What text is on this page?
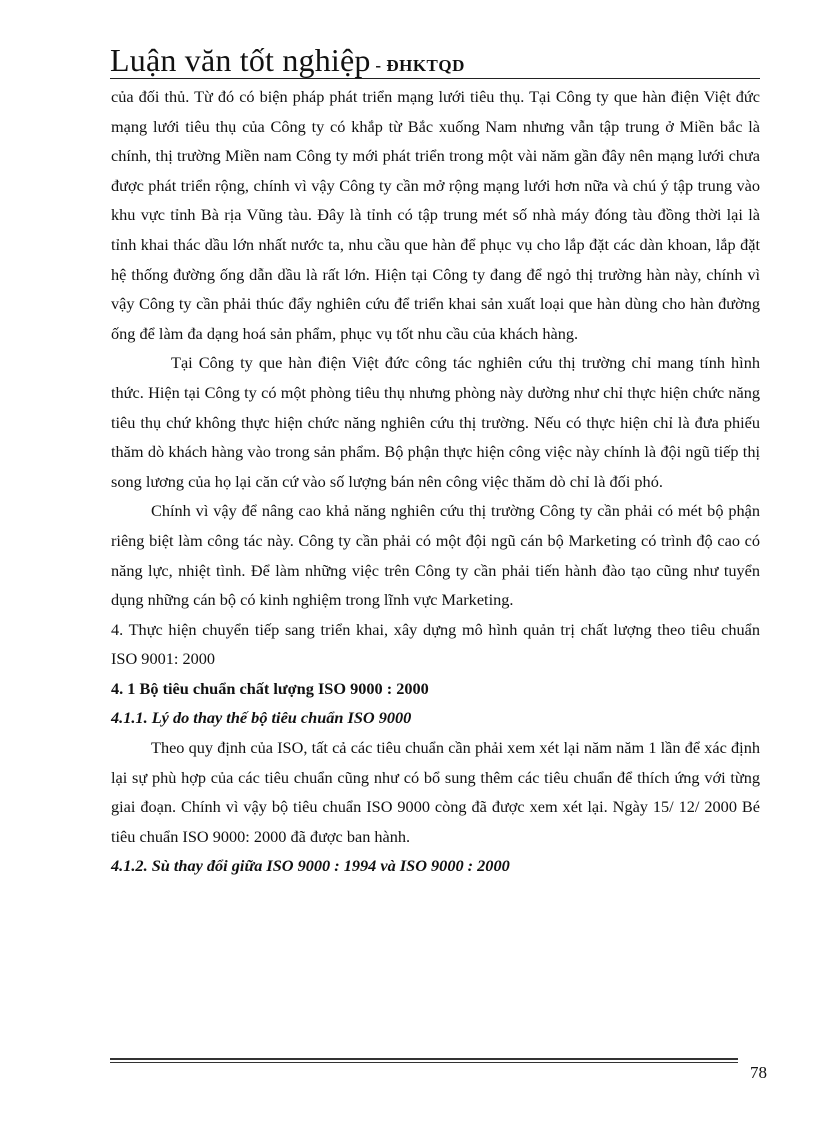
Luận văn tốt nghiệp - ĐHKTQD

của đối thủ. Từ đó có biện pháp phát triển mạng lưới tiêu thụ. Tại Công ty que hàn điện Việt đức mạng lưới tiêu thụ của Công ty có khắp từ Bắc xuống Nam nhưng vẫn tập trung ở Miền bắc là chính, thị trường Miền nam Công ty mới phát triển trong một vài năm gần đây nên mạng lưới chưa được phát triển rộng, chính vì vậy Công ty cần mở rộng mạng lưới hơn nữa và chú ý tập trung vào khu vực tỉnh Bà rịa Vũng tàu. Đây là tỉnh có tập trung mét số nhà máy đóng tàu đồng thời lại là tỉnh khai thác dầu lớn nhất nước ta, nhu cầu que hàn để phục vụ cho lắp đặt các dàn khoan, lắp đặt hệ thống đường ống dẫn dầu là rất lớn. Hiện tại Công ty đang để ngỏ thị trường hàn này, chính vì vậy Công ty cần phải thúc đẩy nghiên cứu để triển khai sản xuất loại que hàn dùng cho hàn đường ống để làm đa dạng hoá sản phẩm, phục vụ tốt nhu cầu của khách hàng.

Tại Công ty que hàn điện Việt đức công tác nghiên cứu thị trường chỉ mang tính hình thức. Hiện tại Công ty có một phòng tiêu thụ nhưng phòng này dường như chỉ thực hiện chức năng tiêu thụ chứ không thực hiện chức năng nghiên cứu thị trường. Nếu có thực hiện chỉ là đưa phiếu thăm dò khách hàng vào trong sản phẩm. Bộ phận thực hiện công việc này chính là đội ngũ tiếp thị song lương của họ lại căn cứ vào số lượng bán nên công việc thăm dò chỉ là đối phó.

Chính vì vậy để nâng cao khả năng nghiên cứu thị trường Công ty cần phải có mét bộ phận riêng biệt làm công tác này. Công ty cần phải có một đội ngũ cán bộ Marketing có trình độ cao có năng lực, nhiệt tình. Để làm những việc trên Công ty cần phải tiến hành đào tạo cũng như tuyển dụng những cán bộ có kinh nghiệm trong lĩnh vực Marketing.

4. Thực hiện chuyển tiếp sang triển khai, xây dựng mô hình quản trị chất lượng theo tiêu chuẩn ISO 9001: 2000

4. 1 Bộ tiêu chuẩn chất lượng ISO 9000 : 2000

4.1.1. Lý do thay thế bộ tiêu chuẩn ISO 9000

Theo quy định của ISO, tất cả các tiêu chuẩn cần phải xem xét lại năm năm 1 lần để xác định lại sự phù hợp của các tiêu chuẩn cũng như có bổ sung thêm các tiêu chuẩn để thích ứng với từng giai đoạn. Chính vì vậy bộ tiêu chuẩn ISO 9000 còng đã được xem xét lại. Ngày 15/ 12/ 2000 Bé tiêu chuẩn ISO 9000: 2000 đã được ban hành.

4.1.2. Sù thay đổi giữa ISO 9000 : 1994 và ISO 9000 : 2000

78
